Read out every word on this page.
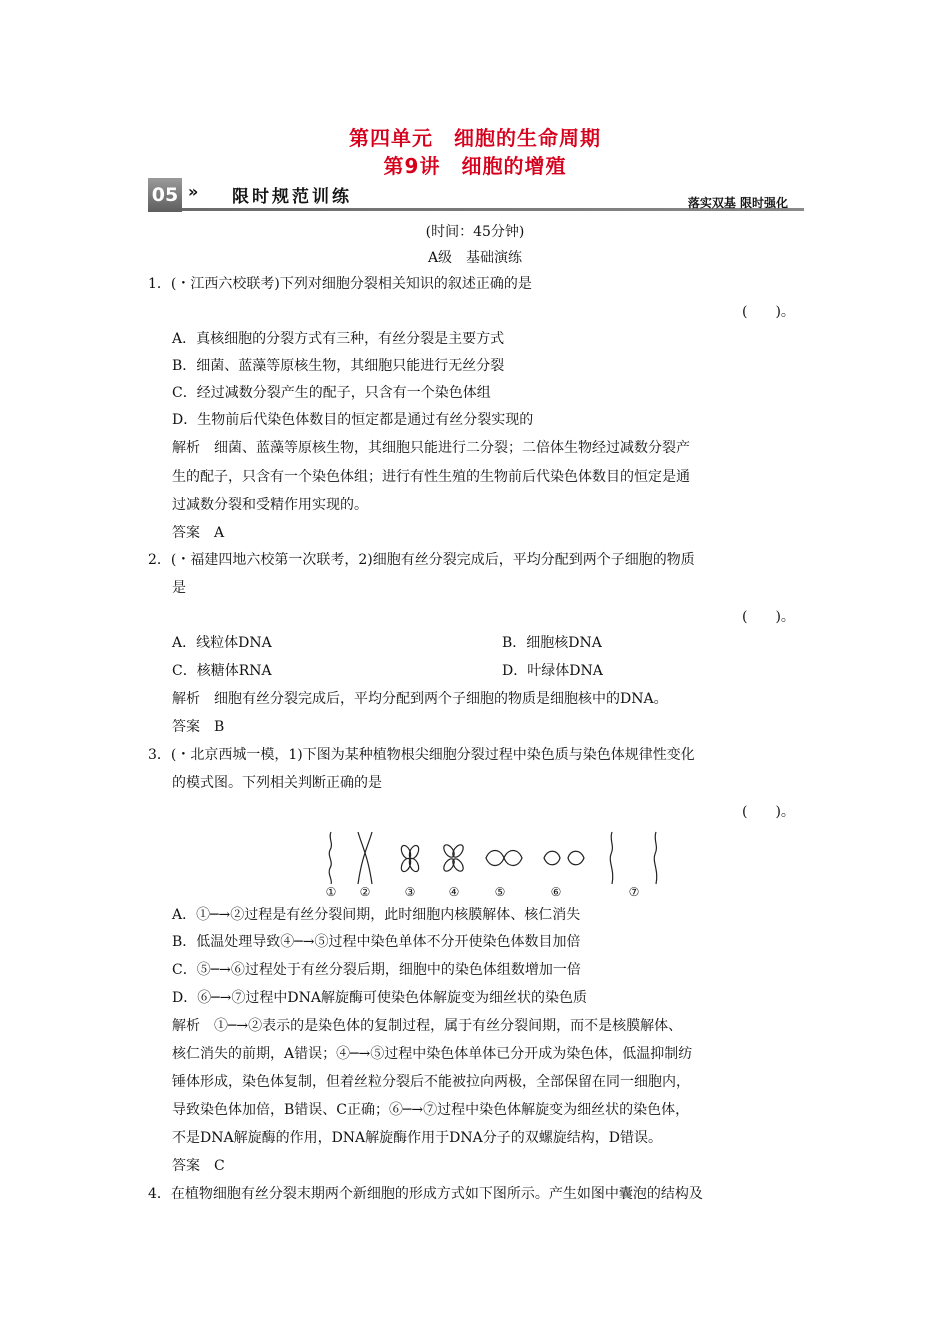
第四单元　细胞的生命周期
第9讲　细胞的增殖
05 » 限时规范训练	落实双基 限时强化
(时间：45分钟)
A级　基础演练
1．(・江西六校联考)下列对细胞分裂相关知识的叙述正确的是
(　　)。
A．真核细胞的分裂方式有三种，有丝分裂是主要方式
B．细菌、蓝藻等原核生物，其细胞只能进行无丝分裂
C．经过减数分裂产生的配子，只含有一个染色体组
D．生物前后代染色体数目的恒定都是通过有丝分裂实现的
解析　细菌、蓝藻等原核生物，其细胞只能进行二分裂；二倍体生物经过减数分裂产
生的配子，只含有一个染色体组；进行有性生殖的生物前后代染色体数目的恒定是通
过减数分裂和受精作用实现的。
答案　A
2．(・福建四地六校第一次联考，2)细胞有丝分裂完成后，平均分配到两个子细胞的物质
是
(　　)。
A．线粒体DNA	B．细胞核DNA
C．核糖体RNA	D．叶绿体DNA
解析　细胞有丝分裂完成后，平均分配到两个子细胞的物质是细胞核中的DNA。
答案　B
3．(・北京西城一模，1)下图为某种植物根尖细胞分裂过程中染色质与染色体规律性变化
的模式图。下列相关判断正确的是
(　　)。
① ②	③	④	⑤	⑥	⑦
A．①─→②过程是有丝分裂间期，此时细胞内核膜解体、核仁消失
B．低温处理导致④─→⑤过程中染色单体不分开使染色体数目加倍
C．⑤─→⑥过程处于有丝分裂后期，细胞中的染色体组数增加一倍
D．⑥─→⑦过程中DNA解旋酶可使染色体解旋变为细丝状的染色质
解析　①─→②表示的是染色体的复制过程，属于有丝分裂间期，而不是核膜解体、
核仁消失的前期，A错误；④─→⑤过程中染色体单体已分开成为染色体，低温抑制纺
锤体形成，染色体复制，但着丝粒分裂后不能被拉向两极，全部保留在同一细胞内，
导致染色体加倍，B错误、C正确；⑥─→⑦过程中染色体解旋变为细丝状的染色体，
不是DNA解旋酶的作用，DNA解旋酶作用于DNA分子的双螺旋结构，D错误。
答案　C
4．在植物细胞有丝分裂末期两个新细胞的形成方式如下图所示。产生如图中囊泡的结构及
